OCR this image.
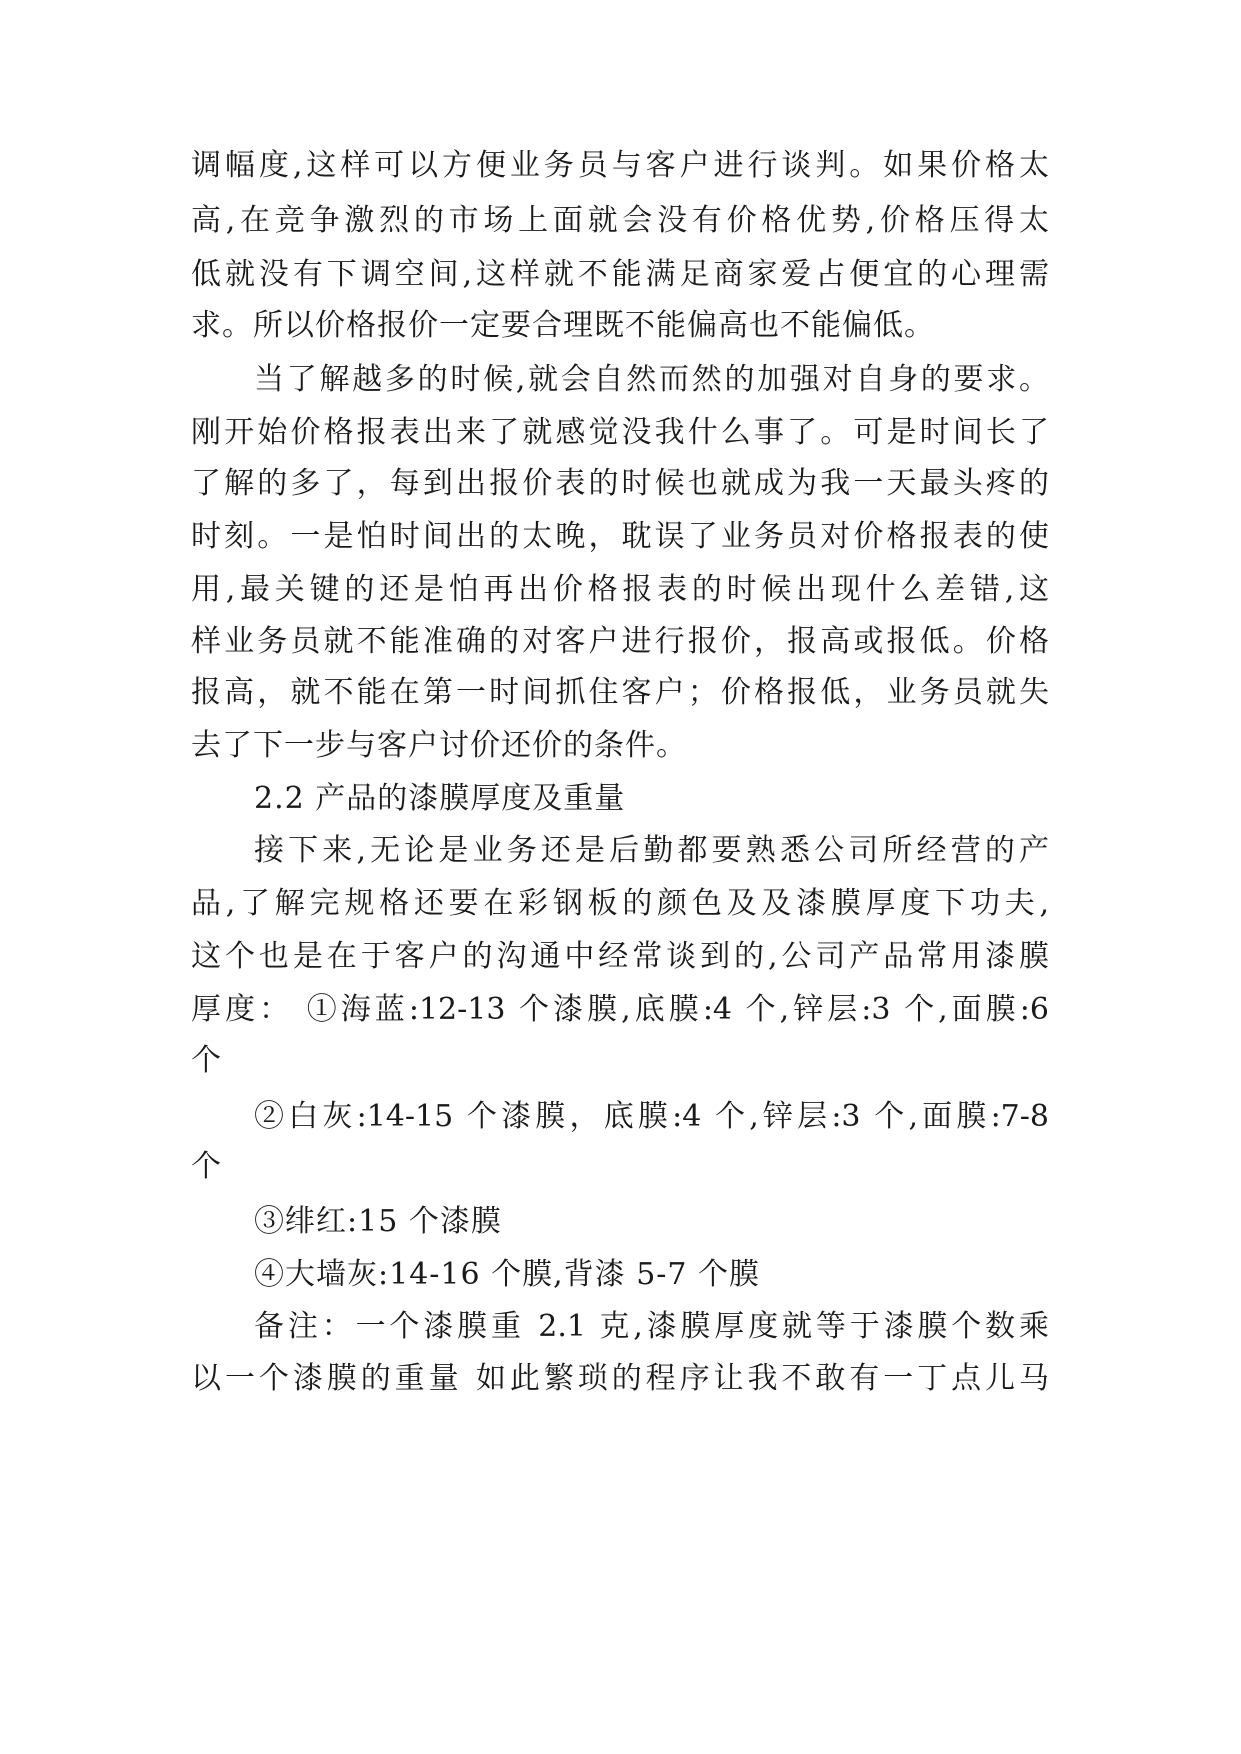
调幅度,这样可以方便业务员与客户进行谈判。如果价格太
高,在竞争激烈的市场上面就会没有价格优势,价格压得太
低就没有下调空间,这样就不能满足商家爱占便宜的心理需
求。所以价格报价一定要合理既不能偏高也不能偏低。
当了解越多的时候,就会自然而然的加强对自身的要求。
刚开始价格报表出来了就感觉没我什么事了。可是时间长了
了解的多了，每到出报价表的时候也就成为我一天最头疼的
时刻。一是怕时间出的太晚，耽误了业务员对价格报表的使
用,最关键的还是怕再出价格报表的时候出现什么差错,这
样业务员就不能准确的对客户进行报价，报高或报低。价格
报高，就不能在第一时间抓住客户；价格报低，业务员就失
去了下一步与客户讨价还价的条件。
2.2 产品的漆膜厚度及重量
接下来,无论是业务还是后勤都要熟悉公司所经营的产
品,了解完规格还要在彩钢板的颜色及及漆膜厚度下功夫,
这个也是在于客户的沟通中经常谈到的,公司产品常用漆膜
厚度： ①海蓝:12-13 个漆膜,底膜:4 个,锌层:3 个,面膜:6
个
②白灰:14-15 个漆膜，底膜:4 个,锌层:3 个,面膜:7-8
个
③绯红:15 个漆膜
④大墙灰:14-16 个膜,背漆 5-7 个膜
备注：一个漆膜重 2.1 克,漆膜厚度就等于漆膜个数乘
以一个漆膜的重量 如此繁琐的程序让我不敢有一丁点儿马
